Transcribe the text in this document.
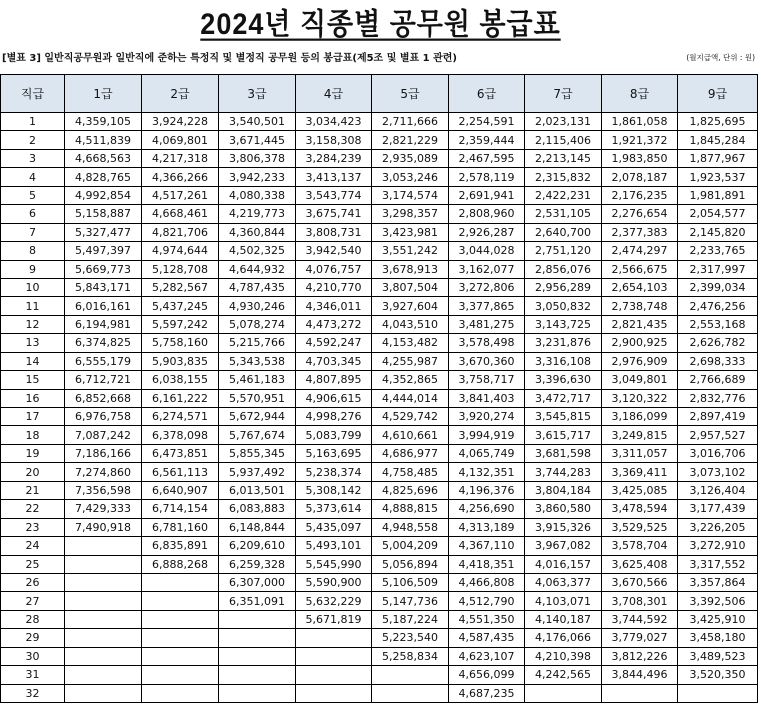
2024년 직종별 공무원 봉급표
[별표 3] 일반직공무원과 일반직에 준하는 특정직 및 별정직 공무원 등의 봉급표(제5조 및 별표 1 관련)	(월지급액, 단위 : 원)
직급	1급	2급	3급	4급	5급	6급	7급	8급	9급
1	4,359,105	3,924,228	3,540,501	3,034,423	2,711,666	2,254,591	2,023,131	1,861,058	1,825,695
2	4,511,839	4,069,801	3,671,445	3,158,308	2,821,229	2,359,444	2,115,406	1,921,372	1,845,284
3	4,668,563	4,217,318	3,806,378	3,284,239	2,935,089	2,467,595	2,213,145	1,983,850	1,877,967
4	4,828,765	4,366,266	3,942,233	3,413,137	3,053,246	2,578,119	2,315,832	2,078,187	1,923,537
5	4,992,854	4,517,261	4,080,338	3,543,774	3,174,574	2,691,941	2,422,231	2,176,235	1,981,891
6	5,158,887	4,668,461	4,219,773	3,675,741	3,298,357	2,808,960	2,531,105	2,276,654	2,054,577
7	5,327,477	4,821,706	4,360,844	3,808,731	3,423,981	2,926,287	2,640,700	2,377,383	2,145,820
8	5,497,397	4,974,644	4,502,325	3,942,540	3,551,242	3,044,028	2,751,120	2,474,297	2,233,765
9	5,669,773	5,128,708	4,644,932	4,076,757	3,678,913	3,162,077	2,856,076	2,566,675	2,317,997
10	5,843,171	5,282,567	4,787,435	4,210,770	3,807,504	3,272,806	2,956,289	2,654,103	2,399,034
11	6,016,161	5,437,245	4,930,246	4,346,011	3,927,604	3,377,865	3,050,832	2,738,748	2,476,256
12	6,194,981	5,597,242	5,078,274	4,473,272	4,043,510	3,481,275	3,143,725	2,821,435	2,553,168
13	6,374,825	5,758,160	5,215,766	4,592,247	4,153,482	3,578,498	3,231,876	2,900,925	2,626,782
14	6,555,179	5,903,835	5,343,538	4,703,345	4,255,987	3,670,360	3,316,108	2,976,909	2,698,333
15	6,712,721	6,038,155	5,461,183	4,807,895	4,352,865	3,758,717	3,396,630	3,049,801	2,766,689
16	6,852,668	6,161,222	5,570,951	4,906,615	4,444,014	3,841,403	3,472,717	3,120,322	2,832,776
17	6,976,758	6,274,571	5,672,944	4,998,276	4,529,742	3,920,274	3,545,815	3,186,099	2,897,419
18	7,087,242	6,378,098	5,767,674	5,083,799	4,610,661	3,994,919	3,615,717	3,249,815	2,957,527
19	7,186,166	6,473,851	5,855,345	5,163,695	4,686,977	4,065,749	3,681,598	3,311,057	3,016,706
20	7,274,860	6,561,113	5,937,492	5,238,374	4,758,485	4,132,351	3,744,283	3,369,411	3,073,102
21	7,356,598	6,640,907	6,013,501	5,308,142	4,825,696	4,196,376	3,804,184	3,425,085	3,126,404
22	7,429,333	6,714,154	6,083,883	5,373,614	4,888,815	4,256,690	3,860,580	3,478,594	3,177,439
23	7,490,918	6,781,160	6,148,844	5,435,097	4,948,558	4,313,189	3,915,326	3,529,525	3,226,205
24		6,835,891	6,209,610	5,493,101	5,004,209	4,367,110	3,967,082	3,578,704	3,272,910
25		6,888,268	6,259,328	5,545,990	5,056,894	4,418,351	4,016,157	3,625,408	3,317,552
26			6,307,000	5,590,900	5,106,509	4,466,808	4,063,377	3,670,566	3,357,864
27			6,351,091	5,632,229	5,147,736	4,512,790	4,103,071	3,708,301	3,392,506
28				5,671,819	5,187,224	4,551,350	4,140,187	3,744,592	3,425,910
29					5,223,540	4,587,435	4,176,066	3,779,027	3,458,180
30					5,258,834	4,623,107	4,210,398	3,812,226	3,489,523
31						4,656,099	4,242,565	3,844,496	3,520,350
32						4,687,235			
